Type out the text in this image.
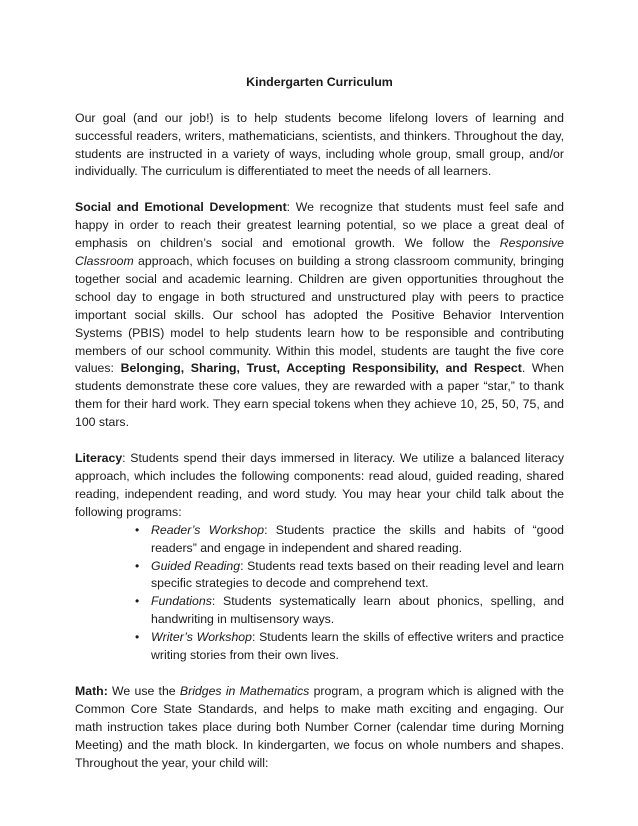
Kindergarten Curriculum

Our goal (and our job!) is to help students become lifelong lovers of learning and successful readers, writers, mathematicians, scientists, and thinkers. Throughout the day, students are instructed in a variety of ways, including whole group, small group, and/or individually. The curriculum is differentiated to meet the needs of all learners.

Social and Emotional Development: We recognize that students must feel safe and happy in order to reach their greatest learning potential, so we place a great deal of emphasis on children’s social and emotional growth. We follow the Responsive Classroom approach, which focuses on building a strong classroom community, bringing together social and academic learning. Children are given opportunities throughout the school day to engage in both structured and unstructured play with peers to practice important social skills. Our school has adopted the Positive Behavior Intervention Systems (PBIS) model to help students learn how to be responsible and contributing members of our school community. Within this model, students are taught the five core values: Belonging, Sharing, Trust, Accepting Responsibility, and Respect. When students demonstrate these core values, they are rewarded with a paper “star,” to thank them for their hard work. They earn special tokens when they achieve 10, 25, 50, 75, and 100 stars.

Literacy: Students spend their days immersed in literacy. We utilize a balanced literacy approach, which includes the following components: read aloud, guided reading, shared reading, independent reading, and word study. You may hear your child talk about the following programs:

• Reader’s Workshop: Students practice the skills and habits of “good readers” and engage in independent and shared reading.
• Guided Reading: Students read texts based on their reading level and learn specific strategies to decode and comprehend text.
• Fundations: Students systematically learn about phonics, spelling, and handwriting in multisensory ways.
• Writer’s Workshop: Students learn the skills of effective writers and practice writing stories from their own lives.

Math: We use the Bridges in Mathematics program, a program which is aligned with the Common Core State Standards, and helps to make math exciting and engaging. Our math instruction takes place during both Number Corner (calendar time during Morning Meeting) and the math block. In kindergarten, we focus on whole numbers and shapes. Throughout the year, your child will:
